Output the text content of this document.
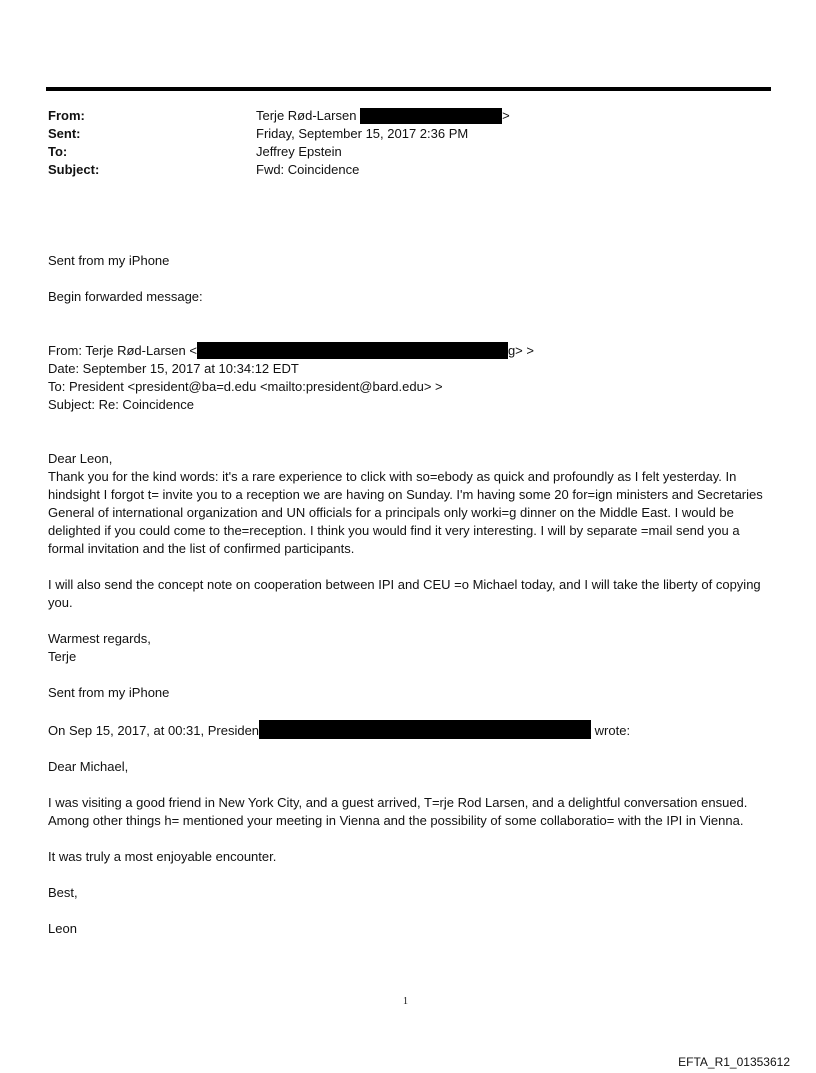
From:	Terje Rød-Larsen	>
Sent:	Friday, September 15, 2017 2:36 PM
To:	Jeffrey Epstein
Subject:	Fwd: Coincidence

Sent from my iPhone

Begin forwarded message:

From: Terje Rød-Larsen <	g> >

Date: September 15, 2017 at 10:34:12 EDT

To: President <president@ba=d.edu <mailto:president@bard.edu> >

Subject: Re: Coincidence

Dear Leon,

Thank you for the kind words: it's a rare experience to click with so=ebody as quick and profoundly as I felt yesterday. In hindsight I forgot t= invite you to a reception we are having on Sunday. I'm having some 20 for=ign ministers and Secretaries General of international organization and UN officials for a principals only worki=g dinner on the Middle East. I would be delighted if you could come to the=reception. I think you would find it very interesting. I will by separate =mail send you a formal invitation and the list of confirmed participants.

I will also send the concept note on cooperation between IPI and CEU =o Michael today, and I will take the liberty of copying you.

Warmest regards,

Terje

Sent from my iPhone

On Sep 15, 2017, at 00:31, Presiden	wrote:

Dear Michael,

I was visiting a good friend in New York City, and a guest arrived, T=rje Rod Larsen, and a delightful conversation ensued. Among other things h= mentioned your meeting in Vienna and the possibility of some collaboratio= with the IPI in Vienna.

It was truly a most enjoyable encounter.

Best,

Leon

1
EFTA_R1_01353612
